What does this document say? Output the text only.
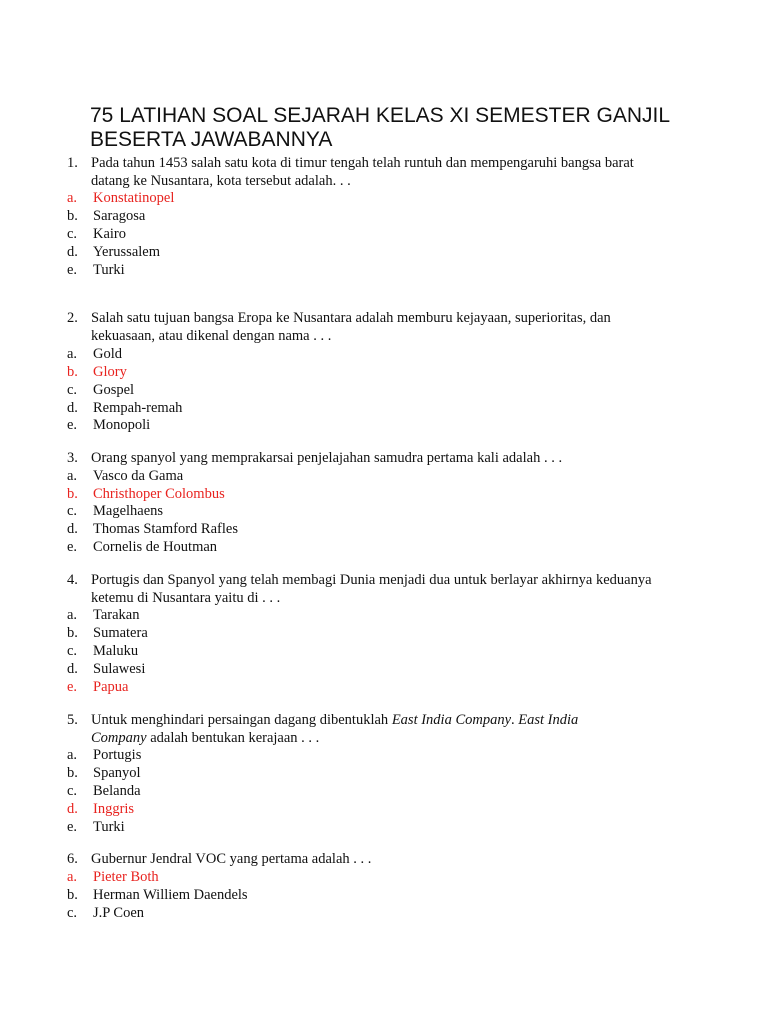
75 LATIHAN SOAL SEJARAH KELAS XI SEMESTER GANJIL
BESERTA JAWABANNYA
1. Pada tahun 1453 salah satu kota di timur tengah telah runtuh dan mempengaruhi bangsa barat
datang ke Nusantara, kota tersebut adalah. . .
a. Konstatinopel
b. Saragosa
c. Kairo
d. Yerussalem
e. Turki
2. Salah satu tujuan bangsa Eropa ke Nusantara adalah memburu kejayaan, superioritas, dan
kekuasaan, atau dikenal dengan nama . . .
a. Gold
b. Glory
c. Gospel
d. Rempah-remah
e. Monopoli
3. Orang spanyol yang memprakarsai penjelajahan samudra pertama kali adalah . . .
a. Vasco da Gama
b. Christhoper Colombus
c. Magelhaens
d. Thomas Stamford Rafles
e. Cornelis de Houtman
4. Portugis dan Spanyol yang telah membagi Dunia menjadi dua untuk berlayar akhirnya keduanya
ketemu di Nusantara yaitu di . . .
a. Tarakan
b. Sumatera
c. Maluku
d. Sulawesi
e. Papua
5. Untuk menghindari persaingan dagang dibentuklah East India Company. East India
Company adalah bentukan kerajaan . . .
a. Portugis
b. Spanyol
c. Belanda
d. Inggris
e. Turki
6. Gubernur Jendral VOC yang pertama adalah . . .
a. Pieter Both
b. Herman Williem Daendels
c. J.P Coen
